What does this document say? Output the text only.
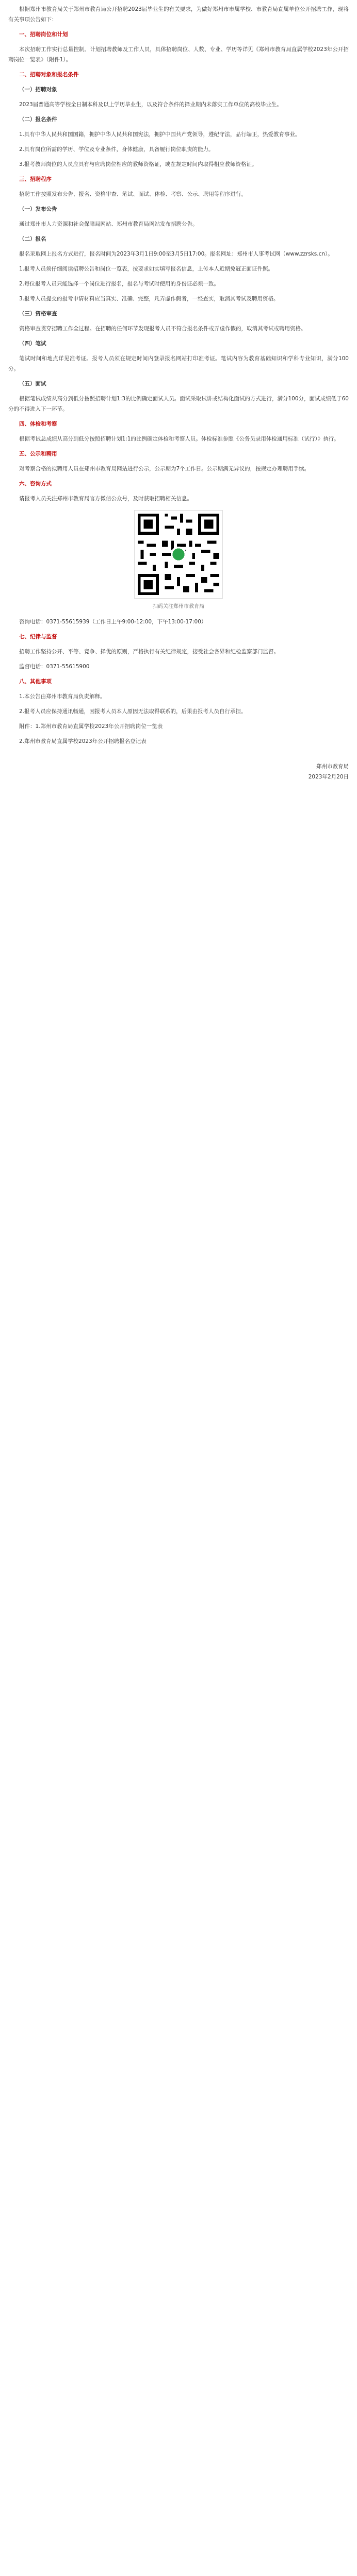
根据郑州市教育局关于郑州市教育局公开招聘2023届毕业生的有关要求，为做好郑州市市属学校、市教育局直属单位公开招聘工作，现将有关事项公告如下：

一、招聘岗位和计划

本次招聘工作实行总量控制。计划招聘教师及工作人员，具体招聘岗位、人数、专业、学历等详见《郑州市教育局直属学校2023年公开招聘岗位一览表》（附件1）。

二、招聘对象和报名条件

（一）招聘对象

2023届普通高等学校全日制本科及以上学历毕业生，以及符合条件的择业期内未落实工作单位的高校毕业生。

（二）报名条件

1.具有中华人民共和国国籍，拥护中华人民共和国宪法，拥护中国共产党领导，遵纪守法，品行端正，热爱教育事业。

2.具有岗位所需的学历、学位及专业条件，身体健康，具备履行岗位职责的能力。

3.报考教师岗位的人员应具有与应聘岗位相应的教师资格证，或在规定时间内取得相应教师资格证。

三、招聘程序

招聘工作按照发布公告、报名、资格审查、笔试、面试、体检、考察、公示、聘用等程序进行。

（一）发布公告

通过郑州市人力资源和社会保障局网站、郑州市教育局网站发布招聘公告。

（二）报名

报名采取网上报名方式进行，报名时间为2023年3月1日9:00至3月5日17:00。报名网址：郑州市人事考试网（www.zzrsks.cn）。

1.报考人员须仔细阅读招聘公告和岗位一览表，按要求如实填写报名信息，上传本人近期免冠正面证件照。

2.每位报考人员只能选择一个岗位进行报名，报名与考试时使用的身份证必须一致。

3.报考人员提交的报考申请材料应当真实、准确、完整，凡弄虚作假者，一经查实，取消其考试及聘用资格。

（三）资格审查

资格审查贯穿招聘工作全过程。在招聘的任何环节发现报考人员不符合报名条件或弄虚作假的，取消其考试或聘用资格。

（四）笔试

笔试时间和地点详见准考证。报考人员须在规定时间内登录报名网站打印准考证。笔试内容为教育基础知识和学科专业知识，满分100分。

（五）面试

根据笔试成绩从高分到低分按照招聘计划1:3的比例确定面试人员。面试采取试讲或结构化面试的方式进行，满分100分，面试成绩低于60分的不得进入下一环节。

四、体检和考察

根据考试总成绩从高分到低分按照招聘计划1:1的比例确定体检和考察人员。体检标准参照《公务员录用体检通用标准（试行）》执行。

五、公示和聘用

对考察合格的拟聘用人员在郑州市教育局网站进行公示，公示期为7个工作日。公示期满无异议的，按规定办理聘用手续。

六、咨询方式

请报考人员关注郑州市教育局官方微信公众号，及时获取招聘相关信息。

扫码关注郑州市教育局

咨询电话：0371-55615939（工作日上午9:00-12:00，下午13:00-17:00）

七、纪律与监督

招聘工作坚持公开、平等、竞争、择优的原则，严格执行有关纪律规定，接受社会各界和纪检监察部门监督。

监督电话：0371-55615900

八、其他事项

1.本公告由郑州市教育局负责解释。

2.报考人员应保持通讯畅通，因报考人员本人原因无法取得联系的，后果由报考人员自行承担。

附件：1.郑州市教育局直属学校2023年公开招聘岗位一览表

2.郑州市教育局直属学校2023年公开招聘报名登记表

郑州市教育局

2023年2月20日
